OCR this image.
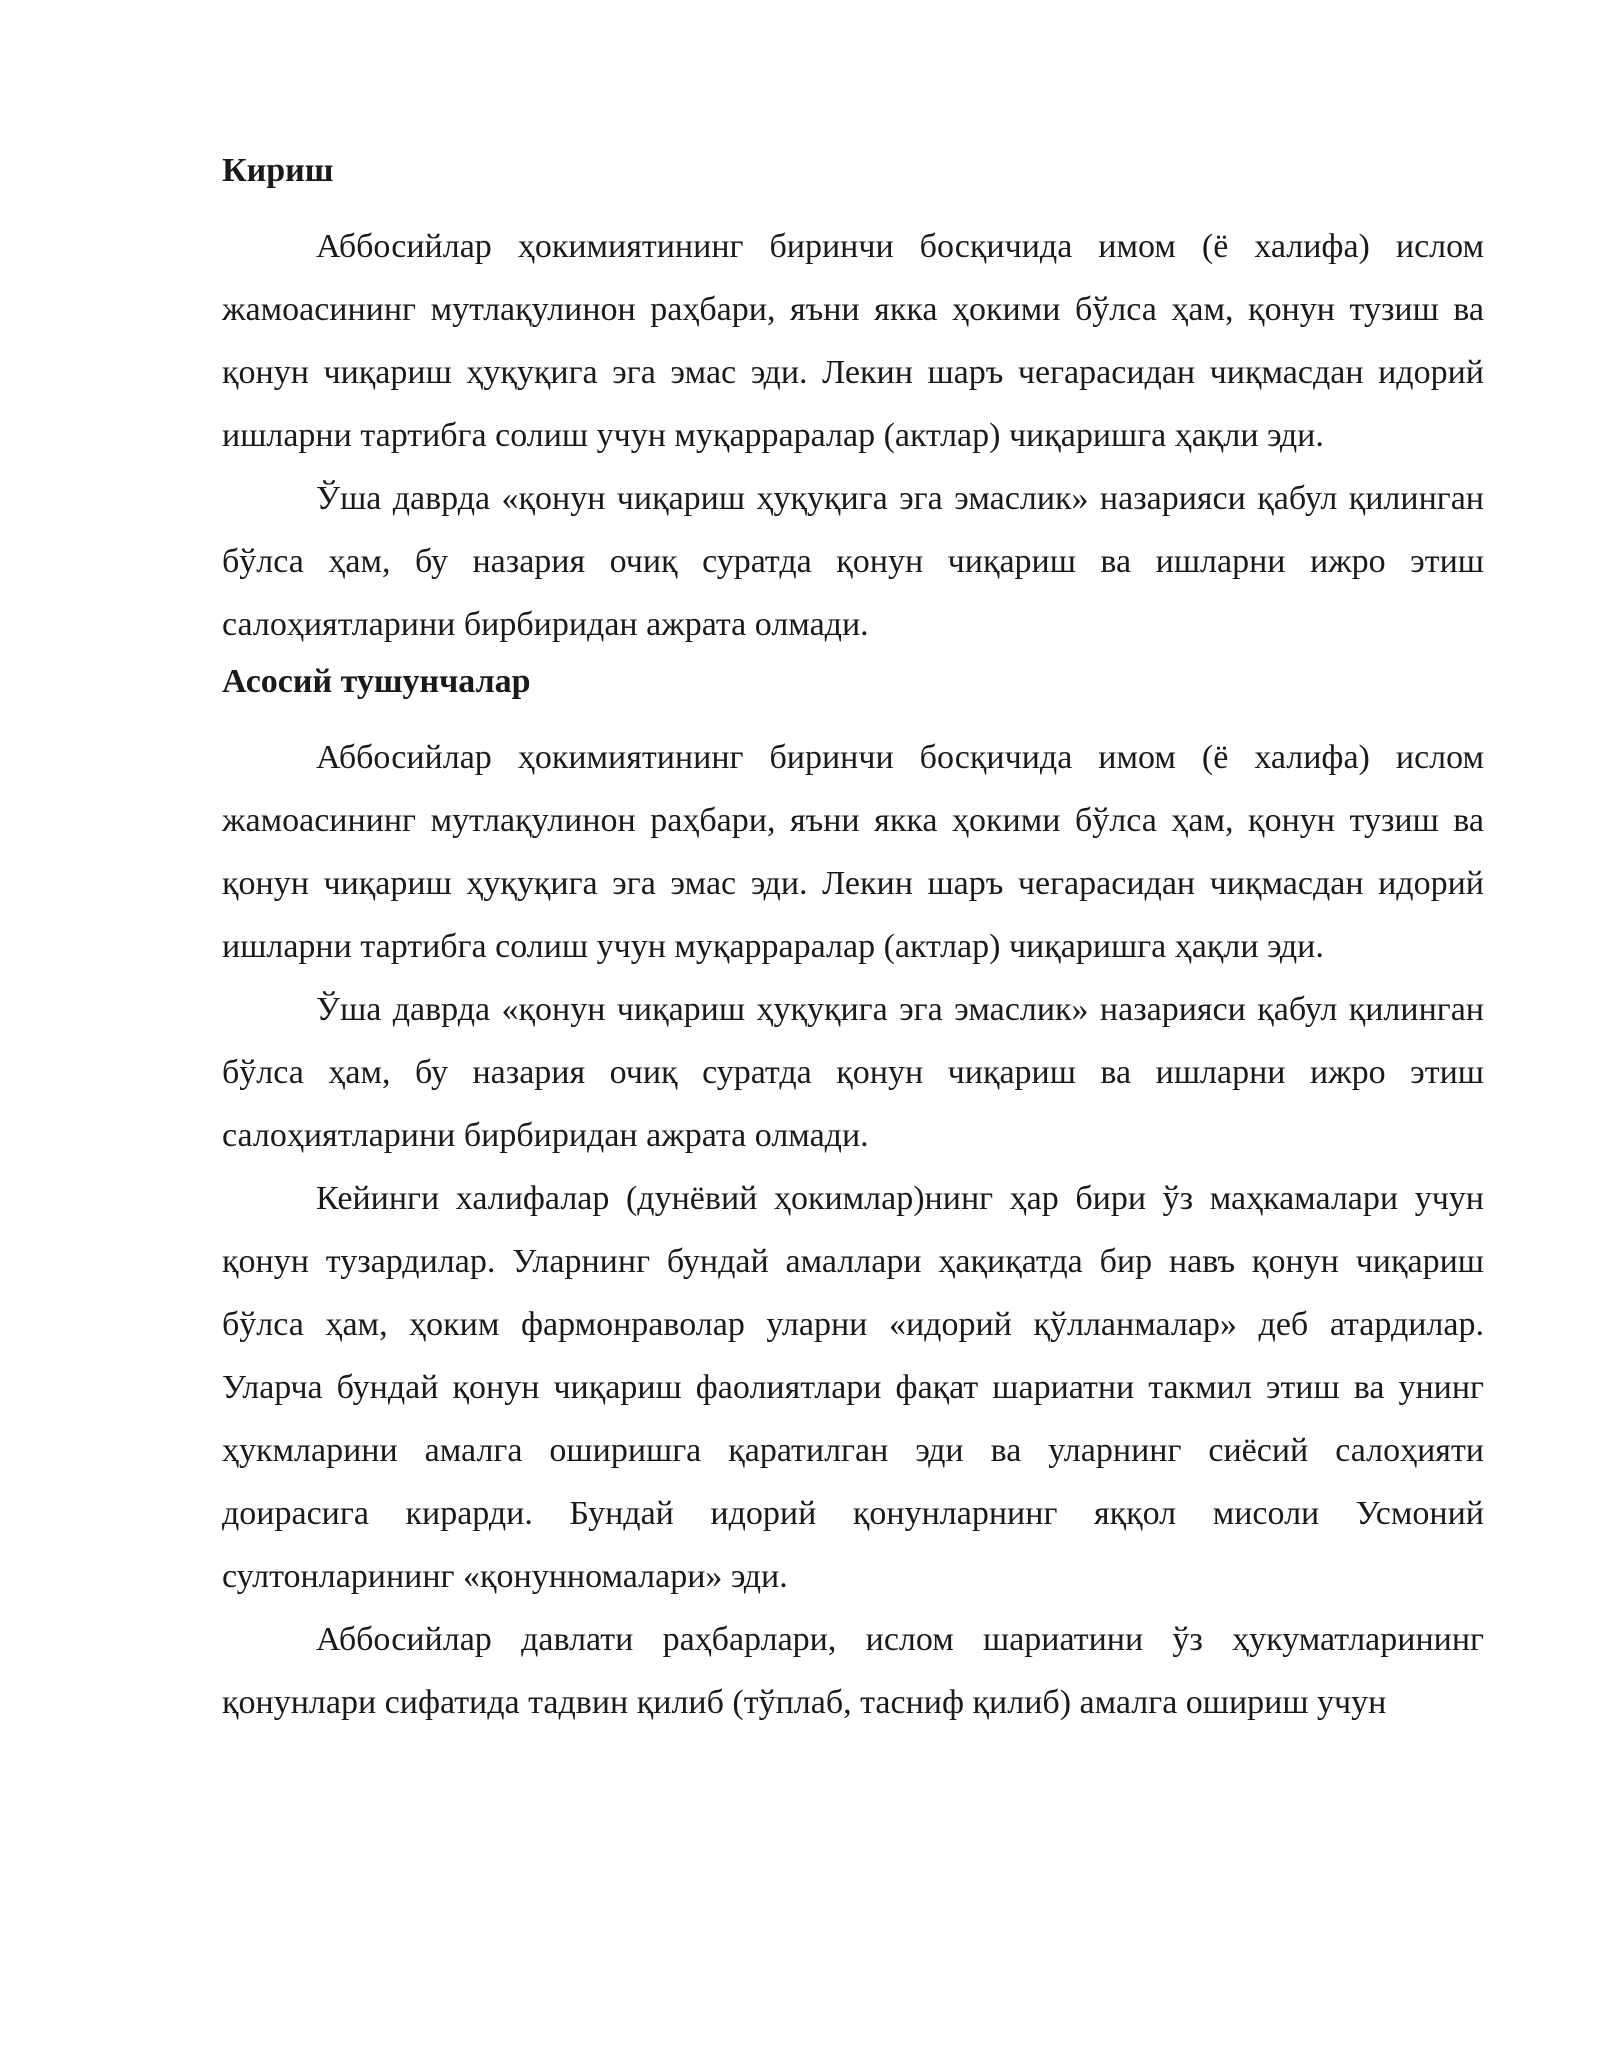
Кириш

Аббосийлар ҳокимиятининг биринчи босқичида имом (ё халифа) ислом жамоасининг мутлақулинон раҳбари, яъни якка ҳокими бўлса ҳам, қонун тузиш ва қонун чиқариш ҳуқуқига эга эмас эди. Лекин шаръ чегарасидан чиқмасдан идорий ишларни тартибга солиш учун муқарраралар (актлар) чиқаришга ҳақли эди.

Ўша даврда «қонун чиқариш ҳуқуқига эга эмаслик» назарияси қабул қилинган бўлса ҳам, бу назария очиқ суратда қонун чиқариш ва ишларни ижро этиш салоҳиятларини бирбиридан ажрата олмади.

Асосий тушунчалар

Аббосийлар ҳокимиятининг биринчи босқичида имом (ё халифа) ислом жамоасининг мутлақулинон раҳбари, яъни якка ҳокими бўлса ҳам, қонун тузиш ва қонун чиқариш ҳуқуқига эга эмас эди. Лекин шаръ чегарасидан чиқмасдан идорий ишларни тартибга солиш учун муқарраралар (актлар) чиқаришга ҳақли эди.

Ўша даврда «қонун чиқариш ҳуқуқига эга эмаслик» назарияси қабул қилинган бўлса ҳам, бу назария очиқ суратда қонун чиқариш ва ишларни ижро этиш салоҳиятларини бирбиридан ажрата олмади.

Кейинги халифалар (дунёвий ҳокимлар)нинг ҳар бири ўз маҳкамалари учун қонун тузардилар. Уларнинг бундай амаллари ҳақиқатда бир навъ қонун чиқариш бўлса ҳам, ҳоким фармонраволар уларни «идорий қўлланмалар» деб атардилар. Уларча бундай қонун чиқариш фаолиятлари фақат шариатни такмил этиш ва унинг ҳукмларини амалга оширишга қаратилган эди ва уларнинг сиёсий салоҳияти доирасига кирарди. Бундай идорий қонунларнинг яққол мисоли Усмоний султонларининг «қонунномалари» эди.

Аббосийлар давлати раҳбарлари, ислом шариатини ўз ҳукуматларининг қонунлари сифатида тадвин қилиб (тўплаб, тасниф қилиб) амалга ошириш учун
